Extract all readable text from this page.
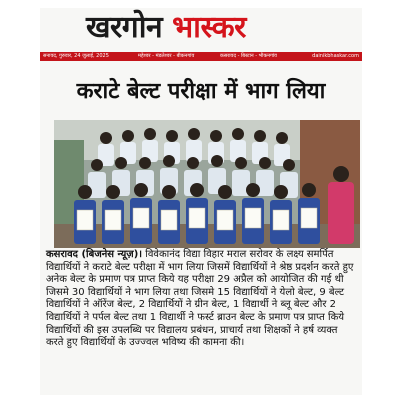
खरगोन भास्कर
सनावद, गुरुवार, 24 जुलाई, 2025	महेश्वर - मंडलेश्वर - बीकनगांव	कसरावद - बिस्टान - भीकनगांव	dainikbhaskar.com
कराटे बेल्ट परीक्षा में भाग लिया

कसरावद (बिजनेस न्यूज़)। विवेकानंद विद्या विहार मराल सरोवर के लक्ष्य समर्पित विद्यार्थियों ने कराटे बेल्ट परीक्षा में भाग लिया जिसमें विद्यार्थियों ने श्रेष्ठ प्रदर्शन करते हुए अनेक बेल्ट के प्रमाण पत्र प्राप्त किये यह परीक्षा 29 अप्रैल को आयोजित की गई थी जिसमे 30 विद्यार्थियों ने भाग लिया तथा जिसमे 15 विद्यार्थियों ने येलो बेल्ट, 9 बेल्ट विद्यार्थियों ने ऑरेंज बेल्ट, 2 विद्यार्थियों ने ग्रीन बेल्ट, 1 विद्यार्थी ने ब्लू बेल्ट और 2 विद्यार्थियों ने पर्पल बेल्ट तथा 1 विद्यार्थी ने फर्स्ट ब्राउन बेल्ट के प्रमाण पत्र प्राप्त किये

विद्यार्थियों की इस उपलब्धि पर विद्यालय प्रबंधन, प्राचार्य तथा शिक्षकों ने हर्ष व्यक्त करते हुए विद्यार्थियों के उज्ज्वल भविष्य की कामना की।
